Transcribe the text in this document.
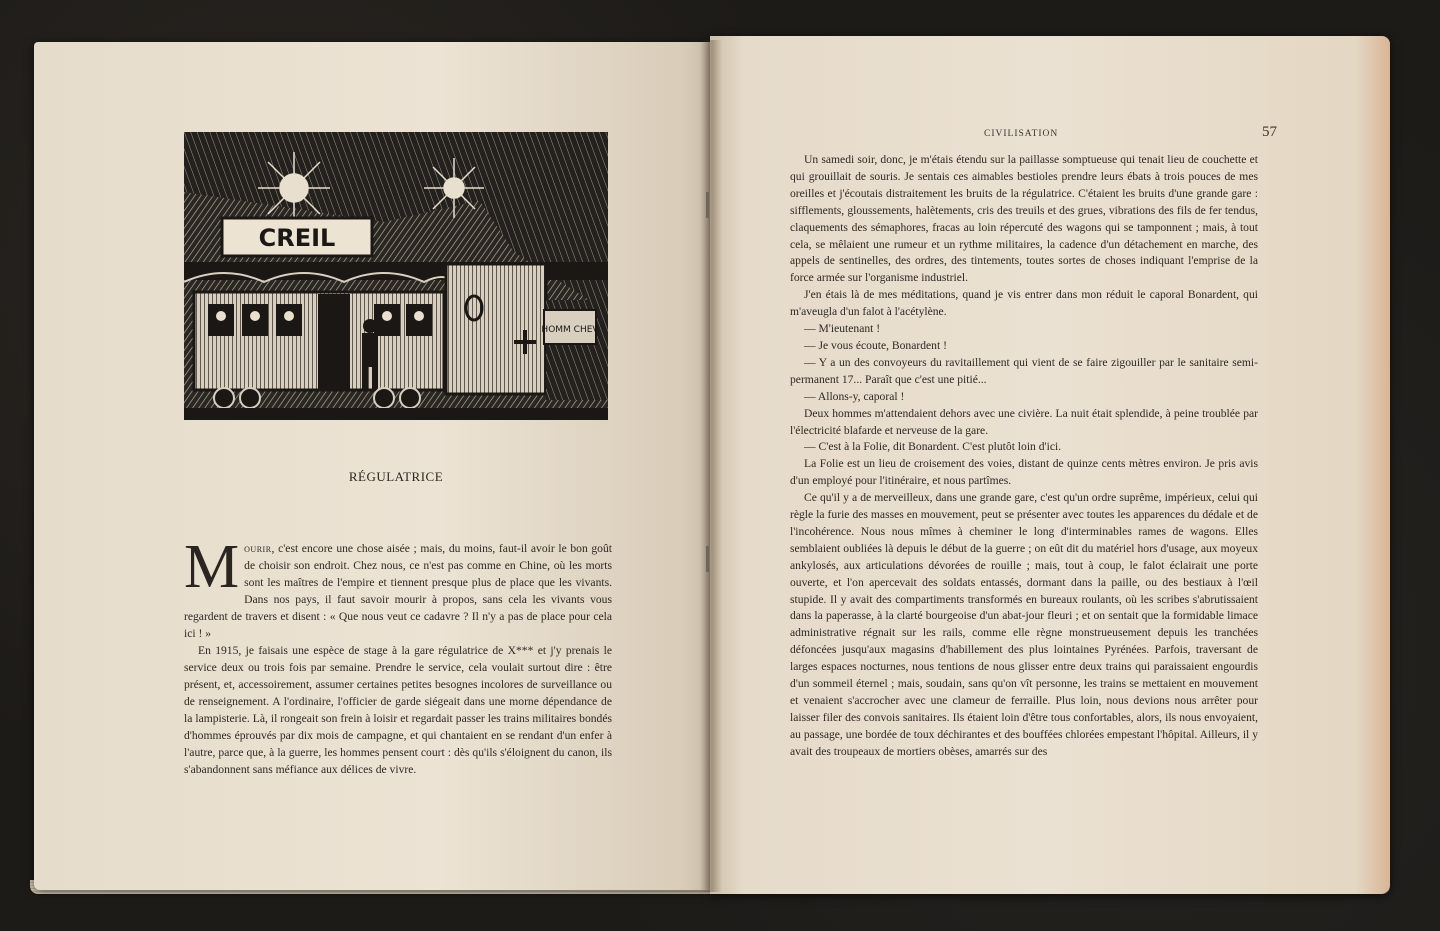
CREIL
HOMM CHEV
RÉGULATRICE

Mourir, c'est encore une chose aisée ; mais, du moins, faut-il avoir le bon goût de choisir son endroit. Chez nous, ce n'est pas comme en Chine, où les morts sont les maîtres de l'empire et tiennent presque plus de place que les vivants. Dans nos pays, il faut savoir mourir à propos, sans cela les vivants vous regardent de travers et disent : « Que nous veut ce cadavre ? Il n'y a pas de place pour cela ici ! »

En 1915, je faisais une espèce de stage à la gare régulatrice de X*** et j'y prenais le service deux ou trois fois par semaine. Prendre le service, cela voulait surtout dire : être présent, et, accessoirement, assumer certaines petites besognes incolores de surveillance ou de renseignement. A l'ordinaire, l'officier de garde siégeait dans une morne dépendance de la lampisterie. Là, il rongeait son frein à loisir et regardait passer les trains militaires bondés d'hommes éprouvés par dix mois de campagne, et qui chantaient en se rendant d'un enfer à l'autre, parce que, à la guerre, les hommes pensent court : dès qu'ils s'éloignent du canon, ils s'abandonnent sans méfiance aux délices de vivre.

CIVILISATION	57

Un samedi soir, donc, je m'étais étendu sur la paillasse somptueuse qui tenait lieu de couchette et qui grouillait de souris. Je sentais ces aimables bestioles prendre leurs ébats à trois pouces de mes oreilles et j'écoutais distraitement les bruits de la régulatrice. C'étaient les bruits d'une grande gare : sifflements, gloussements, halètements, cris des treuils et des grues, vibrations des fils de fer tendus, claquements des sémaphores, fracas au loin répercuté des wagons qui se tamponnent ; mais, à tout cela, se mêlaient une rumeur et un rythme militaires, la cadence d'un détachement en marche, des appels de sentinelles, des ordres, des tintements, toutes sortes de choses indiquant l'emprise de la force armée sur l'organisme industriel.

J'en étais là de mes méditations, quand je vis entrer dans mon réduit le caporal Bonardent, qui m'aveugla d'un falot à l'acétylène.

— M'ieutenant !

— Je vous écoute, Bonardent !

— Y a un des convoyeurs du ravitaillement qui vient de se faire zigouiller par le sanitaire semi-permanent 17... Paraît que c'est une pitié...

— Allons-y, caporal !

Deux hommes m'attendaient dehors avec une civière. La nuit était splendide, à peine troublée par l'électricité blafarde et nerveuse de la gare.

— C'est à la Folie, dit Bonardent. C'est plutôt loin d'ici.

La Folie est un lieu de croisement des voies, distant de quinze cents mètres environ. Je pris avis d'un employé pour l'itinéraire, et nous partîmes.

Ce qu'il y a de merveilleux, dans une grande gare, c'est qu'un ordre suprême, impérieux, celui qui règle la furie des masses en mouvement, peut se présenter avec toutes les apparences du dédale et de l'incohérence. Nous nous mîmes à cheminer le long d'interminables rames de wagons. Elles semblaient oubliées là depuis le début de la guerre ; on eût dit du matériel hors d'usage, aux moyeux ankylosés, aux articulations dévorées de rouille ; mais, tout à coup, le falot éclairait une porte ouverte, et l'on apercevait des soldats entassés, dormant dans la paille, ou des bestiaux à l'œil stupide. Il y avait des compartiments transformés en bureaux roulants, où les scribes s'abrutissaient dans la paperasse, à la clarté bourgeoise d'un abat-jour fleuri ; et on sentait que la formidable limace administrative régnait sur les rails, comme elle règne monstrueusement depuis les tranchées défoncées jusqu'aux magasins d'habillement des plus lointaines Pyrénées. Parfois, traversant de larges espaces nocturnes, nous tentions de nous glisser entre deux trains qui paraissaient engourdis d'un sommeil éternel ; mais, soudain, sans qu'on vît personne, les trains se mettaient en mouvement et venaient s'accrocher avec une clameur de ferraille. Plus loin, nous devions nous arrêter pour laisser filer des convois sanitaires. Ils étaient loin d'être tous confortables, alors, ils nous envoyaient, au passage, une bordée de toux déchirantes et des bouffées chlorées empestant l'hôpital. Ailleurs, il y avait des troupeaux de mortiers obèses, amarrés sur des
